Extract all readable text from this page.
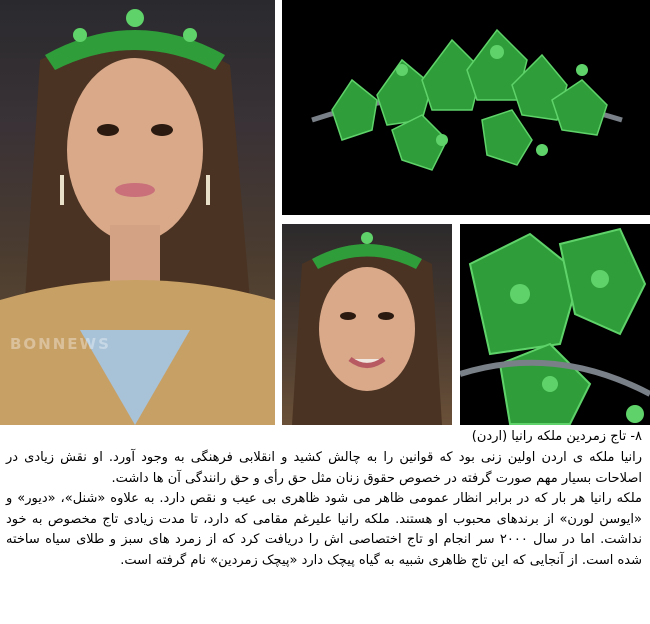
BONNEWS
۸- تاج زمردین ملکه رانیا (اردن)

رانیا ملکه ی اردن اولین زنی بود که قوانین را به چالش کشید و انقلابی فرهنگی به وجود آورد. او نقش زیادی در اصلاحات بسیار مهم صورت گرفته در خصوص حقوق زنان مثل حق رأی و حق رانندگی آن ها داشت.

ملکه رانیا هر بار که در برابر انظار عمومی ظاهر می شود ظاهری بی عیب و نقص دارد. به علاوه «شنل»، «دیور» و «ایوسن لورن» از برندهای محبوب او هستند. ملکه رانیا علیرغم مقامی که دارد، تا مدت زیادی تاج مخصوص به خود نداشت. اما در سال ۲۰۰۰ سر انجام او تاج اختصاصی اش را دریافت کرد که از زمرد های سبز و طلای سیاه ساخته شده است. از آنجایی که این تاج ظاهری شبیه به گیاه پیچک دارد «پیچک زمردین» نام گرفته است.
